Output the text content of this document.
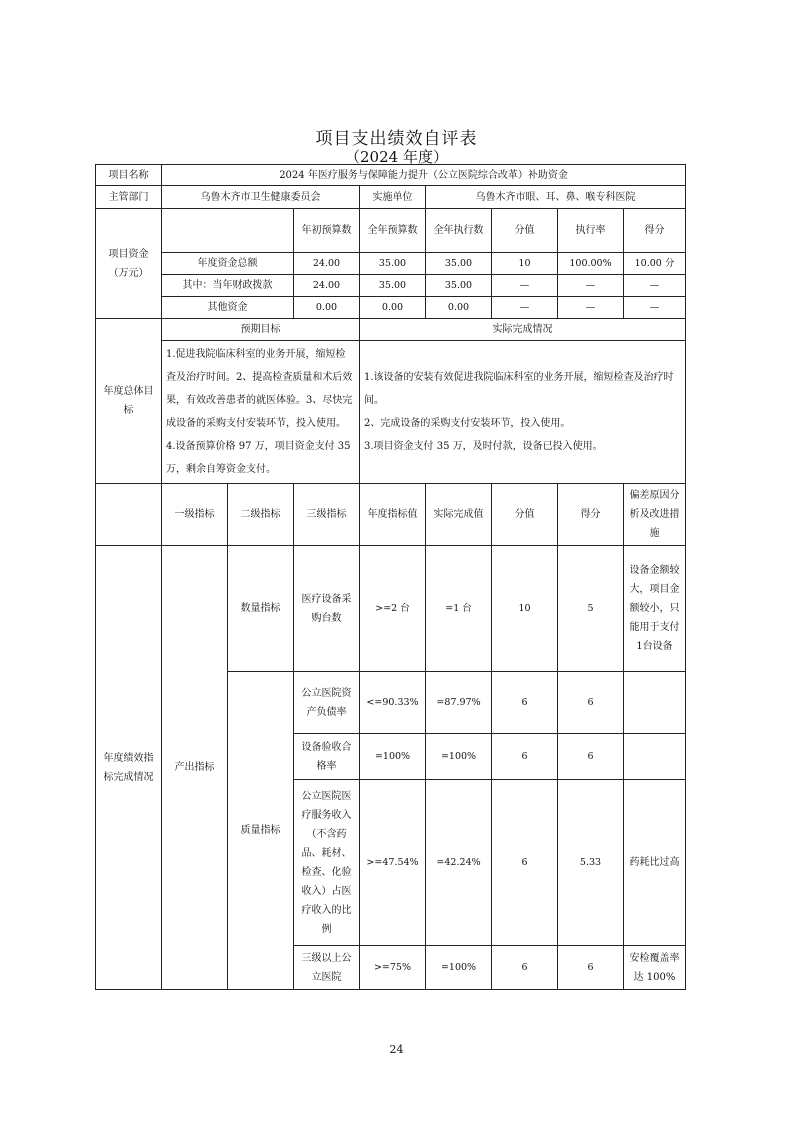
项目支出绩效自评表
（2024 年度）
项目名称	2024 年医疗服务与保障能力提升（公立医院综合改革）补助资金							
主管部门	乌鲁木齐市卫生健康委员会			实施单位	乌鲁木齐市眼、耳、鼻、喉专科医院			
项目资金（万元）			年初预算数	全年预算数	全年执行数	分值	执行率	得分
	年度资金总额		24.00	35.00	35.00	10	100.00%	10.00 分
	其中：当年财政拨款		24.00	35.00	35.00	—	—	—
	其他资金		0.00	0.00	0.00	—	—	—
年度总体目标	预期目标			实际完成情况				
	1.促进我院临床科室的业务开展，缩短检查及治疗时间。2、提高检查质量和术后效果，有效改善患者的就医体验。3、尽快完成设备的采购支付安装环节，投入使用。4.设备预算价格 97 万，项目资金支付 35 万，剩余自筹资金支付。			1.该设备的安装有效促进我院临床科室的业务开展，缩短检查及治疗时间。
2、完成设备的采购支付安装环节，投入使用。
3.项目资金支付 35 万，及时付款，设备已投入使用。				

	一级指标	二级指标	三级指标	年度指标值	实际完成值	分值	得分	偏差原因分析及改进措施
年度绩效指标完成情况	产出指标	数量指标	医疗设备采购台数	>=2 台	=1 台	10	5	设备金额较大，项目金额较小，只能用于支付1台设备
		质量指标	公立医院资产负债率	<=90.33%	=87.97%	6	6	
			设备验收合格率	=100%	=100%	6	6	
			公立医院医疗服务收入（不含药品、耗材、检查、化验收入）占医疗收入的比例	>=47.54%	=42.24%	6	5.33	药耗比过高
			三级以上公立医院	>=75%	=100%	6	6	安检覆盖率达 100%
24
